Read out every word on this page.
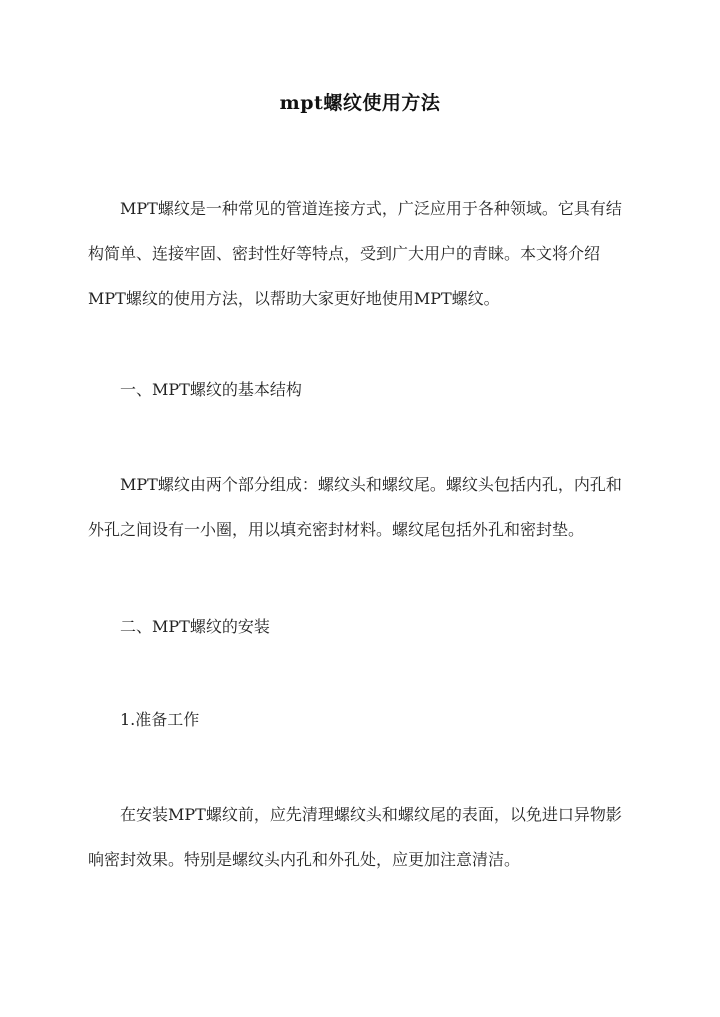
mpt螺纹使用方法

MPT螺纹是一种常见的管道连接方式，广泛应用于各种领域。它具有结构简单、连接牢固、密封性好等特点，受到广大用户的青睐。本文将介绍MPT螺纹的使用方法，以帮助大家更好地使用MPT螺纹。

一、MPT螺纹的基本结构

MPT螺纹由两个部分组成：螺纹头和螺纹尾。螺纹头包括内孔，内孔和外孔之间设有一小圈，用以填充密封材料。螺纹尾包括外孔和密封垫。

二、MPT螺纹的安装

1.准备工作

在安装MPT螺纹前，应先清理螺纹头和螺纹尾的表面，以免进口异物影响密封效果。特别是螺纹头内孔和外孔处，应更加注意清洁。
